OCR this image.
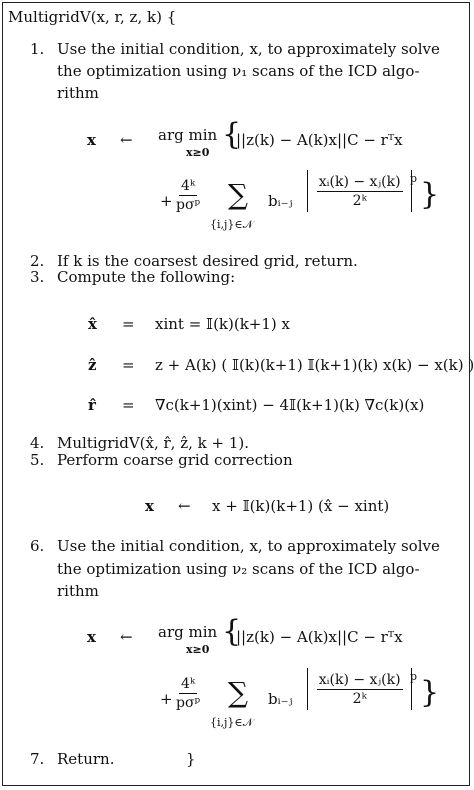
MultigridV(x, r, z, k) {
1. Use the initial condition, x, to approximately solve
the optimization using ν₁ scans of the ICD algo-
rithm
x ← arg min
x≥0
{
||z(k) − A(k)x||C − rᵀx
+ $\frac{\text{4ᵏ}}{\text{pσᵖ}}$ ∑
{i,j}∈𝒩
bᵢ₋ⱼ
$\frac{\text{xᵢ(k) − xⱼ(k)}}{\text{2ᵏ}}$
p }
2. If k is the coarsest desired grid, return.
3. Compute the following:
x̂ = xint = 𝕀(k)(k+1) x
ẑ = z + A(k) ( 𝕀(k)(k+1) 𝕀(k+1)(k) x(k) − x(k) )
r̂ = ∇c(k+1)(xint) − 4𝕀(k+1)(k) ∇c(k)(x)
4. MultigridV(x̂, r̂, ẑ, k + 1).
5. Perform coarse grid correction
x ← x + 𝕀(k)(k+1) (x̂ − xint)
6. Use the initial condition, x, to approximately solve
the optimization using ν₂ scans of the ICD algo-
rithm
x ← arg min
x≥0
{
||z(k) − A(k)x||C − rᵀx
+ $\frac{\text{4ᵏ}}{\text{pσᵖ}}$ ∑
{i,j}∈𝒩
bᵢ₋ⱼ
$\frac{\text{xᵢ(k) − xⱼ(k)}}{\text{2ᵏ}}$
p }
7. Return.	}
